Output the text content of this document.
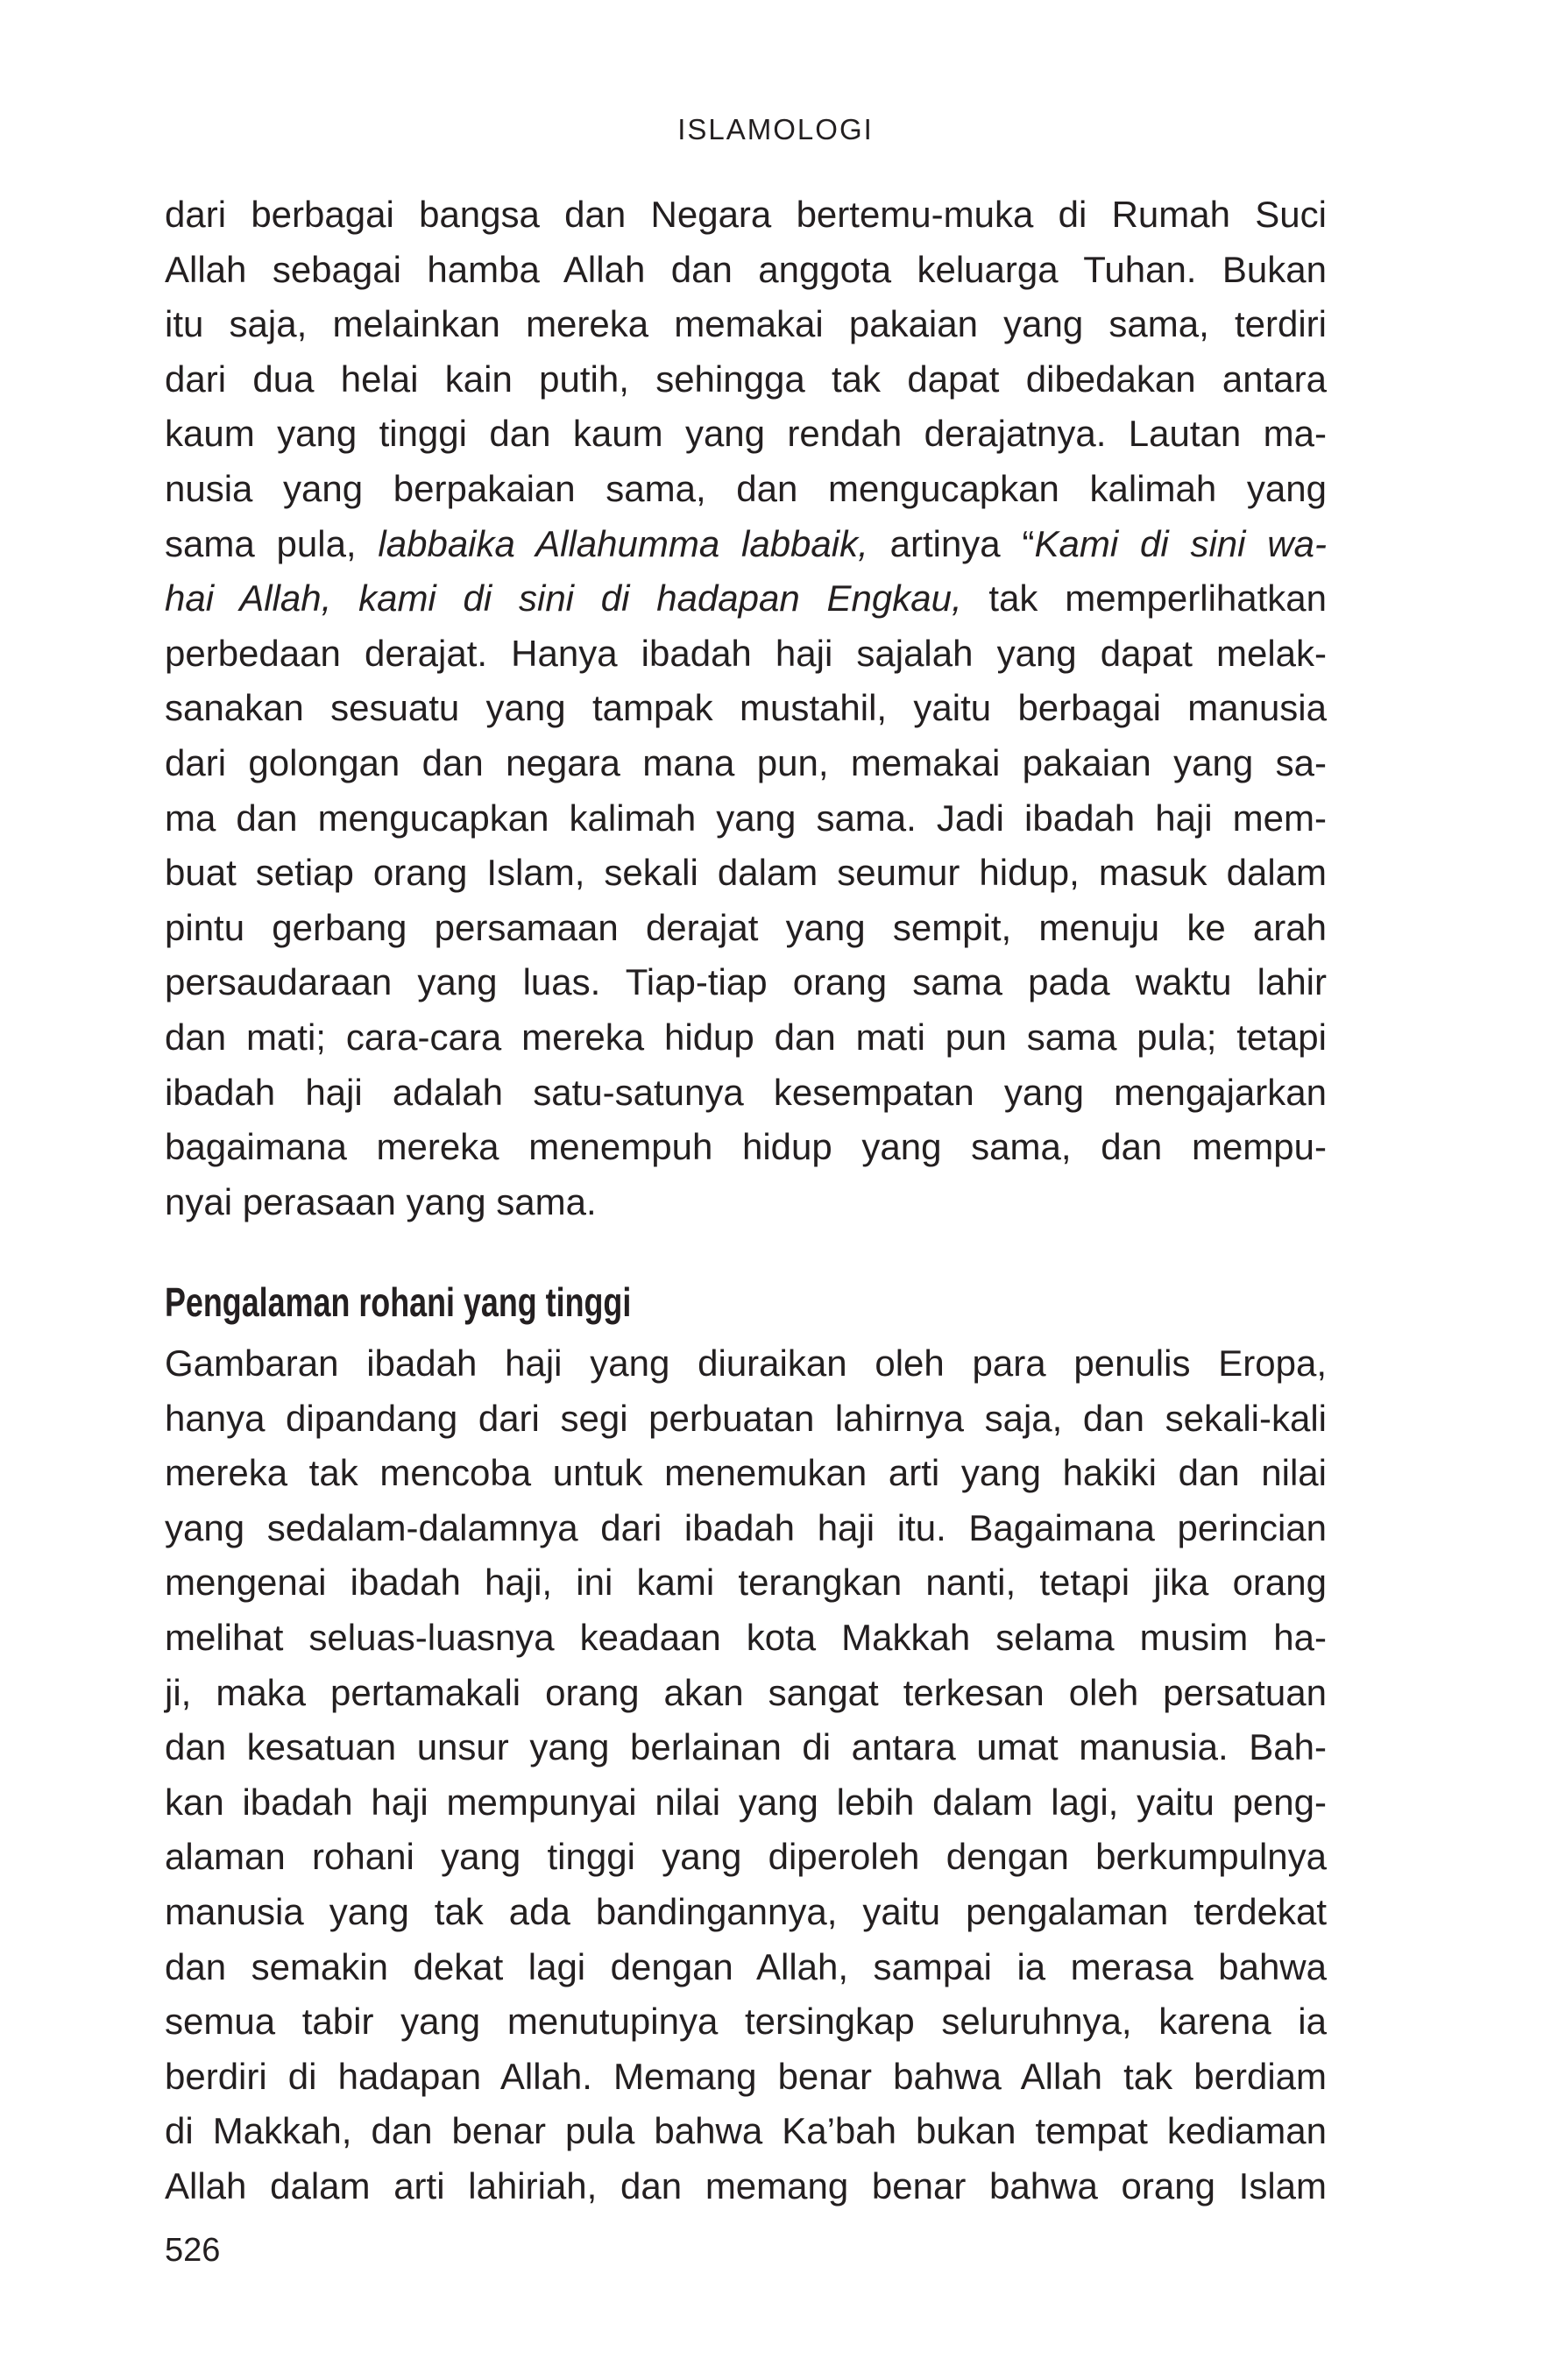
ISLAMOLOGI
dari berbagai bangsa dan Negara bertemu-muka di Rumah Suci
Allah sebagai hamba Allah dan anggota keluarga Tuhan. Bukan
itu saja, melainkan mereka memakai pakaian yang sama, terdiri
dari dua helai kain putih, sehingga tak dapat dibedakan antara
kaum yang tinggi dan kaum yang rendah derajatnya. Lautan ma-
nusia yang berpakaian sama, dan mengucapkan kalimah yang
sama pula, labbaika Allahumma labbaik, artinya “Kami di sini wa-
hai Allah, kami di sini di hadapan Engkau, tak memperlihatkan
perbedaan derajat. Hanya ibadah haji sajalah yang dapat melak-
sanakan sesuatu yang tampak mustahil, yaitu berbagai manusia
dari golongan dan negara mana pun, memakai pakaian yang sa-
ma dan mengucapkan kalimah yang sama. Jadi ibadah haji mem-
buat setiap orang Islam, sekali dalam seumur hidup, masuk dalam
pintu gerbang persamaan derajat yang sempit, menuju ke arah
persaudaraan yang luas. Tiap-tiap orang sama pada waktu lahir
dan mati; cara-cara mereka hidup dan mati pun sama pula; tetapi
ibadah haji adalah satu-satunya kesempatan yang mengajarkan
bagaimana mereka menempuh hidup yang sama, dan mempu-
nyai perasaan yang sama.
Pengalaman rohani yang tinggi
Gambaran ibadah haji yang diuraikan oleh para penulis Eropa,
hanya dipandang dari segi perbuatan lahirnya saja, dan sekali-kali
mereka tak mencoba untuk menemukan arti yang hakiki dan nilai
yang sedalam-dalamnya dari ibadah haji itu. Bagaimana perincian
mengenai ibadah haji, ini kami terangkan nanti, tetapi jika orang
melihat seluas-luasnya keadaan kota Makkah selama musim ha-
ji, maka pertamakali orang akan sangat terkesan oleh persatuan
dan kesatuan unsur yang berlainan di antara umat manusia. Bah-
kan ibadah haji mempunyai nilai yang lebih dalam lagi, yaitu peng-
alaman rohani yang tinggi yang diperoleh dengan berkumpulnya
manusia yang tak ada bandingannya, yaitu pengalaman terdekat
dan semakin dekat lagi dengan Allah, sampai ia merasa bahwa
semua tabir yang menutupinya tersingkap seluruhnya, karena ia
berdiri di hadapan Allah. Memang benar bahwa Allah tak berdiam
di Makkah, dan benar pula bahwa Ka’bah bukan tempat kediaman
Allah dalam arti lahiriah, dan memang benar bahwa orang Islam
526
